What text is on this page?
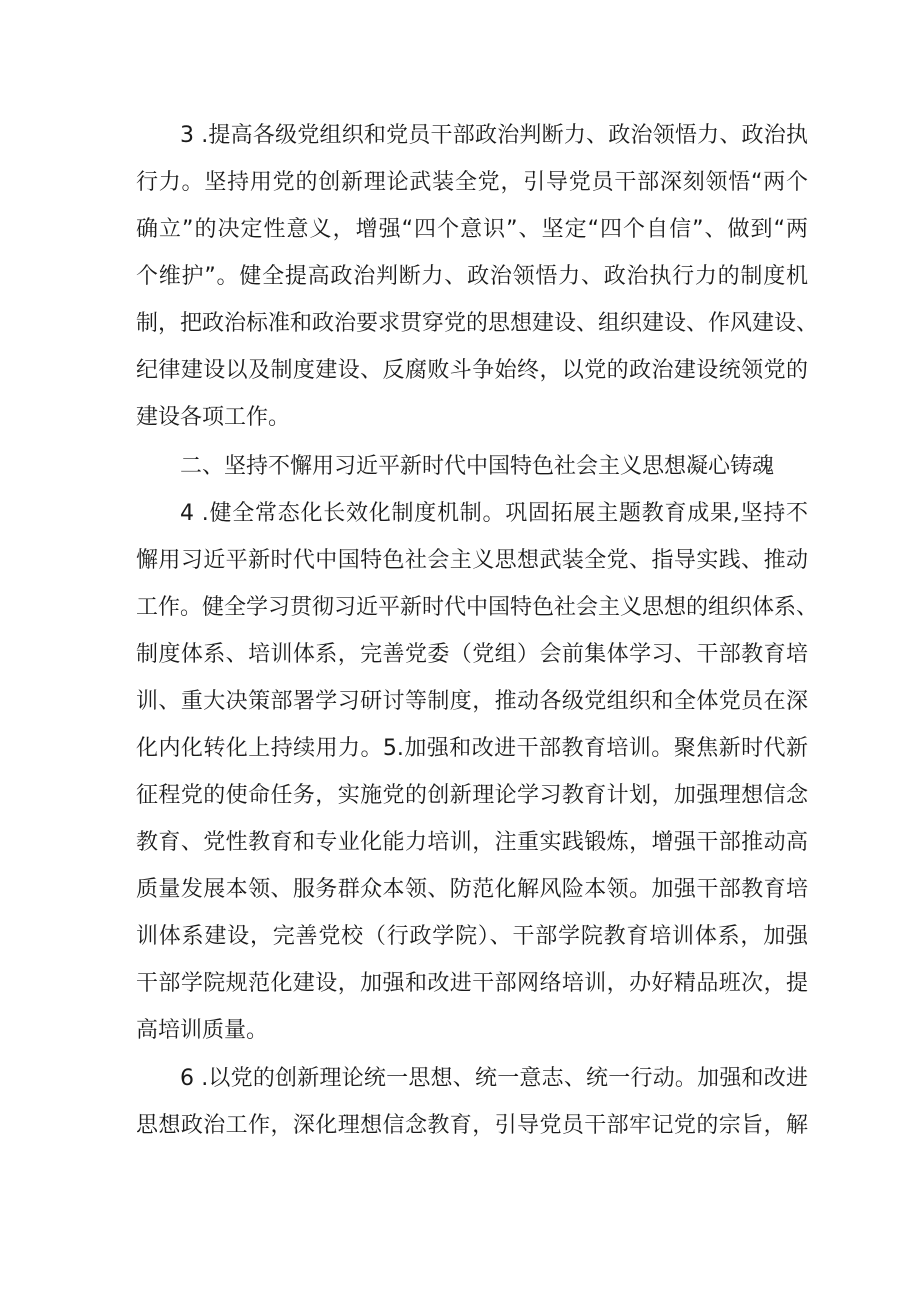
3 .提高各级党组织和党员干部政治判断力、政治领悟力、政治执
行力。坚持用党的创新理论武装全党，引导党员干部深刻领悟“两个
确立”的决定性意义，增强“四个意识”、坚定“四个自信”、做到“两
个维护”。健全提高政治判断力、政治领悟力、政治执行力的制度机
制，把政治标准和政治要求贯穿党的思想建设、组织建设、作风建设、
纪律建设以及制度建设、反腐败斗争始终，以党的政治建设统领党的
建设各项工作。
二、坚持不懈用习近平新时代中国特色社会主义思想凝心铸魂
4 .健全常态化长效化制度机制。巩固拓展主题教育成果,坚持不
懈用习近平新时代中国特色社会主义思想武装全党、指导实践、推动
工作。健全学习贯彻习近平新时代中国特色社会主义思想的组织体系、
制度体系、培训体系，完善党委（党组）会前集体学习、干部教育培
训、重大决策部署学习研讨等制度，推动各级党组织和全体党员在深
化内化转化上持续用力。5.加强和改进干部教育培训。聚焦新时代新
征程党的使命任务，实施党的创新理论学习教育计划，加强理想信念
教育、党性教育和专业化能力培训，注重实践锻炼，增强干部推动高
质量发展本领、服务群众本领、防范化解风险本领。加强干部教育培
训体系建设，完善党校（行政学院）、干部学院教育培训体系，加强
干部学院规范化建设，加强和改进干部网络培训，办好精品班次，提
高培训质量。
6 .以党的创新理论统一思想、统一意志、统一行动。加强和改进
思想政治工作，深化理想信念教育，引导党员干部牢记党的宗旨，解
